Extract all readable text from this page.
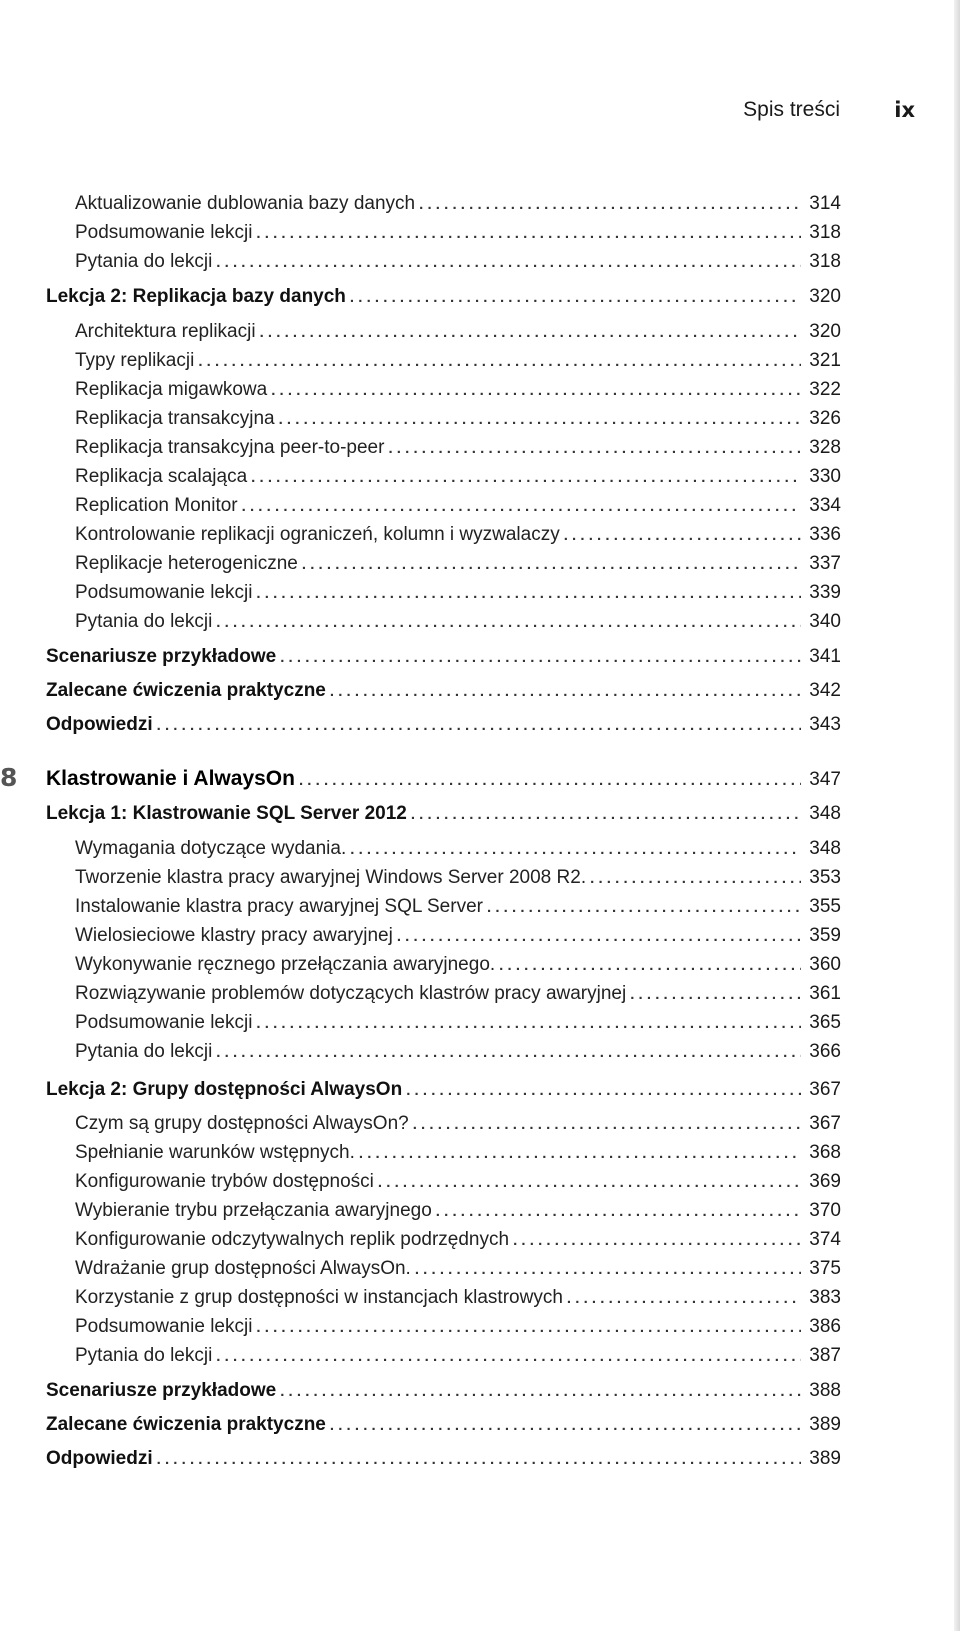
Spis treści	ix
8
Aktualizowanie dublowania bazy danych . . .	314
Podsumowanie lekcji . . .	318
Pytania do lekcji . . .	318
Lekcja 2: Replikacja bazy danych . . .	320
Architektura replikacji . . .	320
Typy replikacji . . .	321
Replikacja migawkowa . . .	322
Replikacja transakcyjna . . .	326
Replikacja transakcyjna peer-to-peer . . .	328
Replikacja scalająca . . .	330
Replication Monitor . . .	334
Kontrolowanie replikacji ograniczeń, kolumn i wyzwalaczy . . .	336
Replikacje heterogeniczne . . .	337
Podsumowanie lekcji . . .	339
Pytania do lekcji . . .	340
Scenariusze przykładowe . . .	341
Zalecane ćwiczenia praktyczne . . .	342
Odpowiedzi . . .	343
Klastrowanie i AlwaysOn . . .	347
Lekcja 1: Klastrowanie SQL Server 2012 . . .	348
Wymagania dotyczące wydania. . . .	348
Tworzenie klastra pracy awaryjnej Windows Server 2008 R2. . . .	353
Instalowanie klastra pracy awaryjnej SQL Server . . .	355
Wielosieciowe klastry pracy awaryjnej . . .	359
Wykonywanie ręcznego przełączania awaryjnego. . . .	360
Rozwiązywanie problemów dotyczących klastrów pracy awaryjnej . . .	361
Podsumowanie lekcji . . .	365
Pytania do lekcji . . .	366
Lekcja 2: Grupy dostępności AlwaysOn . . .	367
Czym są grupy dostępności AlwaysOn? . . .	367
Spełnianie warunków wstępnych. . . .	368
Konfigurowanie trybów dostępności . . .	369
Wybieranie trybu przełączania awaryjnego . . .	370
Konfigurowanie odczytywalnych replik podrzędnych . . .	374
Wdrażanie grup dostępności AlwaysOn. . . .	375
Korzystanie z grup dostępności w instancjach klastrowych . . .	383
Podsumowanie lekcji . . .	386
Pytania do lekcji . . .	387
Scenariusze przykładowe . . .	388
Zalecane ćwiczenia praktyczne . . .	389
Odpowiedzi . . .	389
